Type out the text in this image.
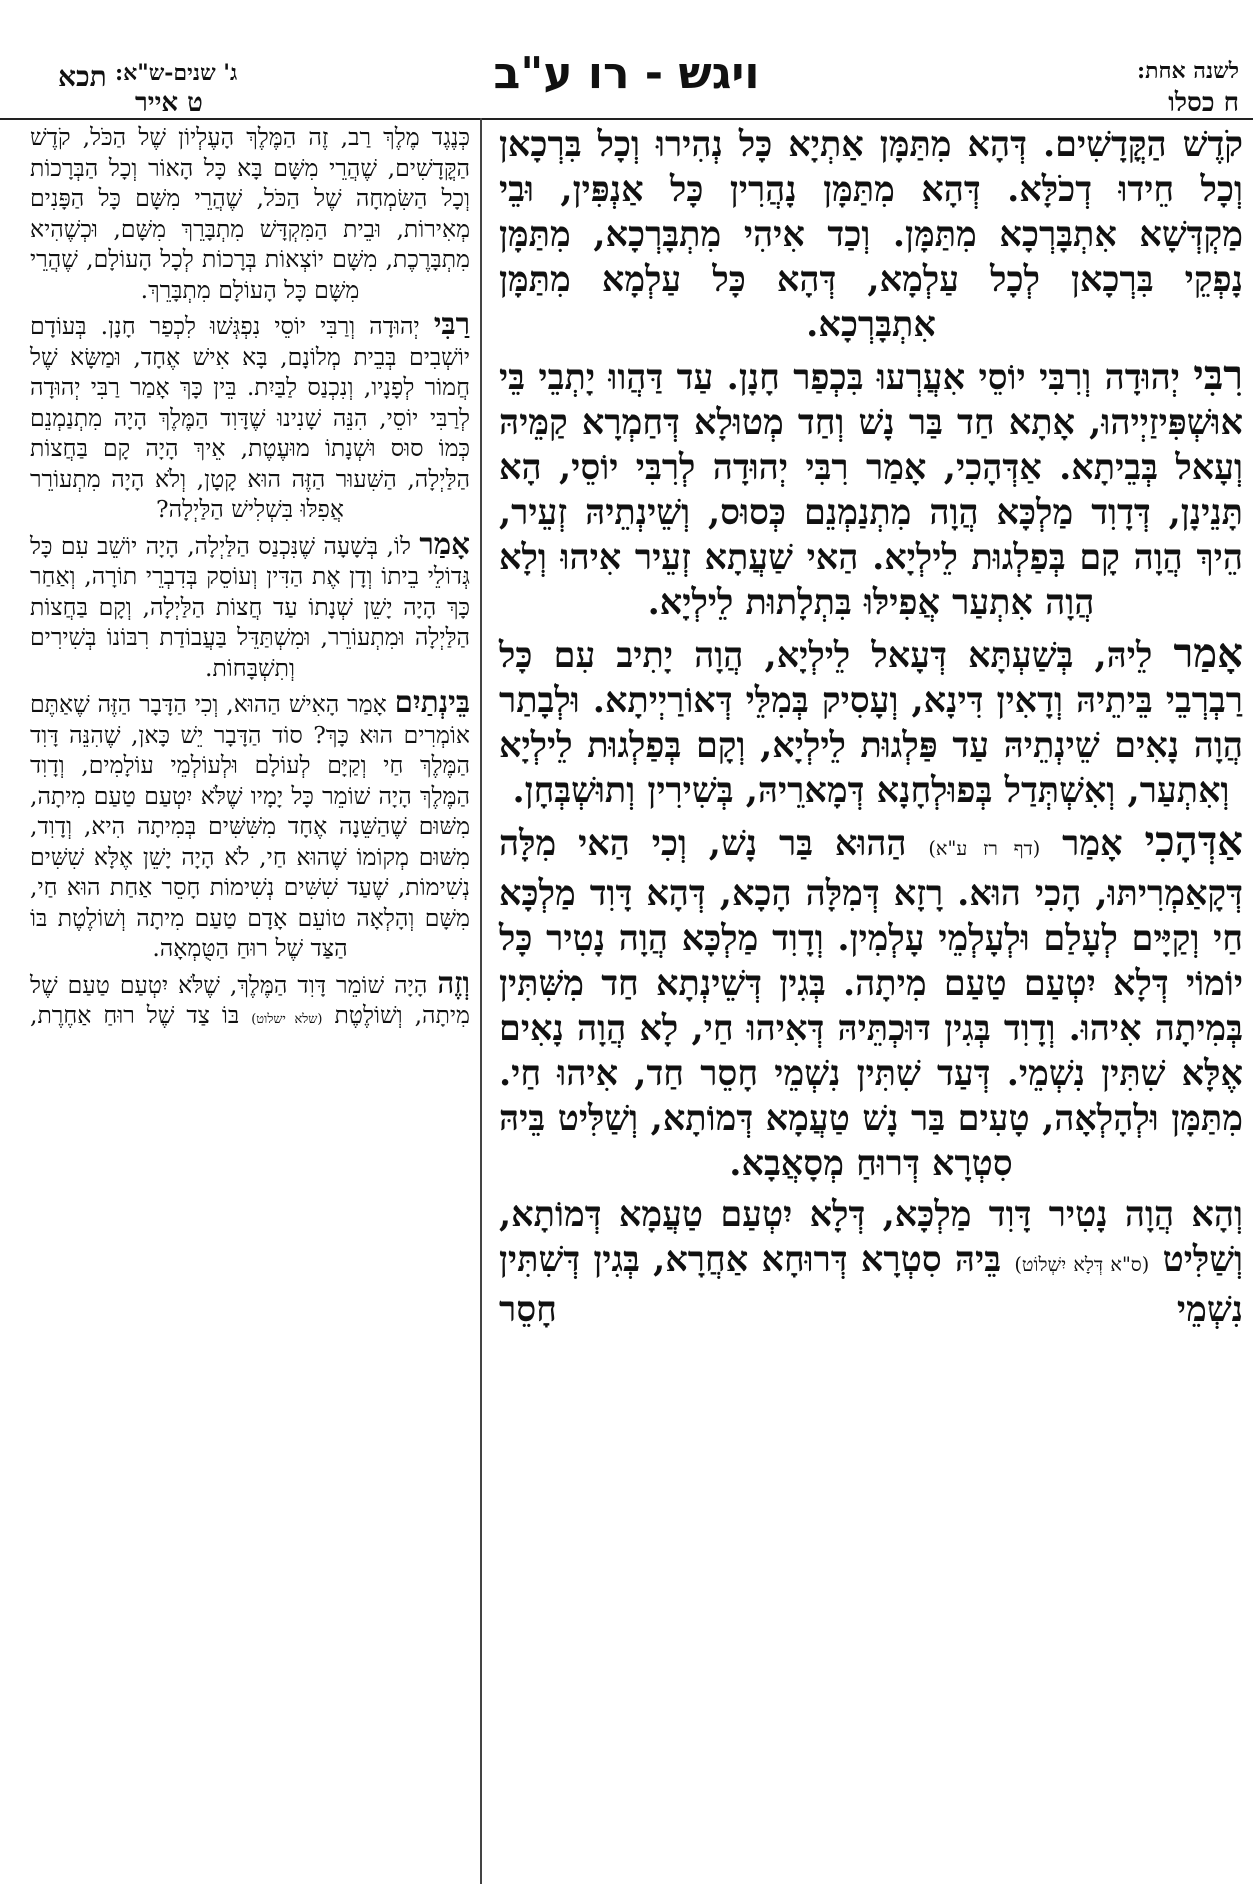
ויגש - רו ע"ב	לשנה אחת:
ח כסלו
ג' שנים-ש"א:
ט אייר
תכא

קֹדֶשׁ הַקֳּדָשִׁים. דְּהָא מִתַּמָּן אַתְיָא כָּל נְהִירוּ וְכָל בִּרְכָאן וְכָל חֵידוּ דְכֹלָּא. דְּהָא מִתַּמָּן נָהֲרִין כָּל אַנְפִּין, וּבֵי מַקְדְּשָׁא אִתְבָּרְכָא מִתַּמָּן. וְכַד אִיהִי מִתְבָּרְכָא, מִתַּמָּן נָפְקֵי בִּרְכָאן לְכָל עַלְמָא, דְּהָא כָּל עַלְמָא מִתַּמָּן אִתְבָּרְכָא.

רִבִּי יְהוּדָה וְרִבִּי יוֹסֵי אִעֲרְעוּ בִּכְפַר חָנָן. עַד דַּהֲווּ יָתְבֵי בֵּי אוּשְׁפִּיזַיְיהוּ, אָתָא חַד בַּר נָשׁ וְחַד מְטוּלָא דְּחַמְרָא קַמֵּיהּ וְעָאל בְּבֵיתָא. אַדְּהָכִי, אָמַר רִבִּי יְהוּדָה לְרִבִּי יוֹסֵי, הָא תָּנֵינָן, דְּדָוִד מַלְכָּא הֲוָה מִתְנַמְנֵם כְּסוּס, וְשֵׁינְתֵיהּ זְעֵיר, הֵיךְ הֲוָה קָם בְּפַלְגוּת לֵילְיָא. הַאי שַׁעֲתָא זְעֵיר אִיהוּ וְלָא הֲוָה אִתְעַר אֲפִילּוּ בִּתְלָתוּת לֵילְיָא.

אָמַר לֵיהּ, בְּשַׁעְתָּא דְּעָאל לֵילְיָא, הֲוָה יָתִיב עִם כָּל רַבְרְבֵי בֵּיתֵיהּ וְדָאִין דִּינָא, וְעָסִיק בְּמִלֵּי דְּאוֹרַיְיתָא. וּלְבָתַר הֲוָה נָאִים שֵׁינְתֵיהּ עַד פַּלְגוּת לֵילְיָא, וְקָם בְּפַלְגוּת לֵילְיָא וְאִתְעַר, וְאִשְׁתְּדַל בְּפוּלְחָנָא דְּמָארֵיהּ, בְּשִׁירִין וְתוּשְׁבְּחָן.

אַדְּהָכִי אָמַר (דף רז ע"א) הַהוּא בַּר נָשׁ, וְכִי הַאי מִלָּה דְּקָאַמְרִיתּוּ, הָכִי הוּא. רָזָא דְּמִלָּה הָכָא, דְּהָא דָּוִד מַלְכָּא חַי וְקַיָּים לְעָלַם וּלְעָלְמֵי עָלְמִין. וְדָוִד מַלְכָּא הֲוָה נָטִיר כָּל יוֹמוֹי דְּלָא יִטְעַם טַעַם מִיתָה. בְּגִין דְּשֵׁינְתָא חַד מִשִּׁתִּין בְּמִיתָה אִיהוּ. וְדָוִד בְּגִין דּוּכְתֵּיהּ דְּאִיהוּ חַי, לָא הֲוָה נָאִים אֶלָּא שִׁתִּין נִשְׁמֵי. דְּעַד שִׁתִּין נִשְׁמֵי חָסֵר חַד, אִיהוּ חַי. מִתַּמָּן וּלְהָלְאָה, טָעִים בַּר נָשׁ טַעֲמָא דְּמוֹתָא, וְשַׁלִּיט בֵּיהּ סִטְרָא דְּרוּחַ מְסָאֲבָא.

וְהָא הֲוָה נָטִיר דָּוִד מַלְכָּא, דְּלָא יִטְעַם טַעֲמָא דְּמוֹתָא, וְשַׁלִּיט (ס"א דְּלָא יִשְׁלוֹט) בֵּיהּ סִטְרָא דְּרוּחָא אַחֲרָא, בְּגִין דְּשִׁתִּין נִשְׁמֵי חָסֵר

כְּנֶגֶד מֶלֶךְ רַב, זֶה הַמֶּלֶךְ הָעֶלְיוֹן שֶׁל הַכֹּל, קֹדֶשׁ הַקֳּדָשִׁים, שֶׁהֲרֵי מִשָּׁם בָּא כָּל הָאוֹר וְכָל הַבְּרָכוֹת וְכָל הַשִּׂמְחָה שֶׁל הַכֹּל, שֶׁהֲרֵי מִשָּׁם כָּל הַפָּנִים מְאִירוֹת, וּבֵית הַמִּקְדָּשׁ מִתְבָּרֵךְ מִשָּׁם, וּכְשֶׁהִיא מִתְבָּרֶכֶת, מִשָּׁם יוֹצְאוֹת בְּרָכוֹת לְכָל הָעוֹלָם, שֶׁהֲרֵי מִשָּׁם כָּל הָעוֹלָם מִתְבָּרֵךְ.

רַבִּי יְהוּדָה וְרַבִּי יוֹסֵי נִפְגְּשׁוּ לִכְפַר חָנָן. בְּעוֹדָם יוֹשְׁבִים בְּבֵית מְלוֹנָם, בָּא אִישׁ אֶחָד, וּמַשָּׂא שֶׁל חֲמוֹר לְפָנָיו, וְנִכְנַס לַבַּיִת. בֵּין כָּךְ אָמַר רַבִּי יְהוּדָה לְרַבִּי יוֹסֵי, הִנֵּה שָׁנִינוּ שֶׁדָּוִד הַמֶּלֶךְ הָיָה מִתְנַמְנֵם כְּמוֹ סוּס וּשְׁנָתוֹ מוּעֶטֶת, אֵיךְ הָיָה קָם בַּחֲצוֹת הַלַּיְלָה, הַשִּׁעוּר הַזֶּה הוּא קָטָן, וְלֹא הָיָה מִתְעוֹרֵר אֲפִלּוּ בִּשְׁלִישׁ הַלַּיְלָה?

אָמַר לוֹ, בְּשָׁעָה שֶׁנִּכְנַס הַלַּיְלָה, הָיָה יוֹשֵׁב עִם כָּל גְּדוֹלֵי בֵיתוֹ וְדָן אֶת הַדִּין וְעוֹסֵק בְּדִבְרֵי תוֹרָה, וְאַחַר כָּךְ הָיָה יָשֵׁן שְׁנָתוֹ עַד חֲצוֹת הַלַּיְלָה, וְקָם בַּחֲצוֹת הַלַּיְלָה וּמִתְעוֹרֵר, וּמִשְׁתַּדֵּל בַּעֲבוֹדַת רִבּוֹנוֹ בְּשִׁירִים וְתִשְׁבָּחוֹת.

בֵּינְתַיִם אָמַר הָאִישׁ הַהוּא, וְכִי הַדָּבָר הַזֶּה שֶׁאַתֶּם אוֹמְרִים הוּא כָּךְ? סוֹד הַדָּבָר יֵשׁ כָּאן, שֶׁהִנֵּה דָּוִד הַמֶּלֶךְ חַי וְקַיָּם לְעוֹלָם וּלְעוֹלְמֵי עוֹלָמִים, וְדָוִד הַמֶּלֶךְ הָיָה שׁוֹמֵר כָּל יָמָיו שֶׁלֹּא יִטְעַם טַעַם מִיתָה, מִשּׁוּם שֶׁהַשֵּׁנָה אֶחָד מִשִּׁשִּׁים בְּמִיתָה הִיא, וְדָוִד, מִשּׁוּם מְקוֹמוֹ שֶׁהוּא חַי, לֹא הָיָה יָשֵׁן אֶלָּא שִׁשִּׁים נְשִׁימוֹת, שֶׁעַד שִׁשִּׁים נְשִׁימוֹת חָסֵר אַחַת הוּא חַי, מִשָּׁם וְהָלְאָה טוֹעֵם אָדָם טַעַם מִיתָה וְשׁוֹלֶטֶת בּוֹ הַצַּד שֶׁל רוּחַ הַטֻּמְאָה.

וְזֶה הָיָה שׁוֹמֵר דָּוִד הַמֶּלֶךְ, שֶׁלֹּא יִטְעַם טַעַם שֶׁל מִיתָה, וְשׁוֹלֶטֶת (שלא ישלוט) בּוֹ צַד שֶׁל רוּחַ אַחֶרֶת,
